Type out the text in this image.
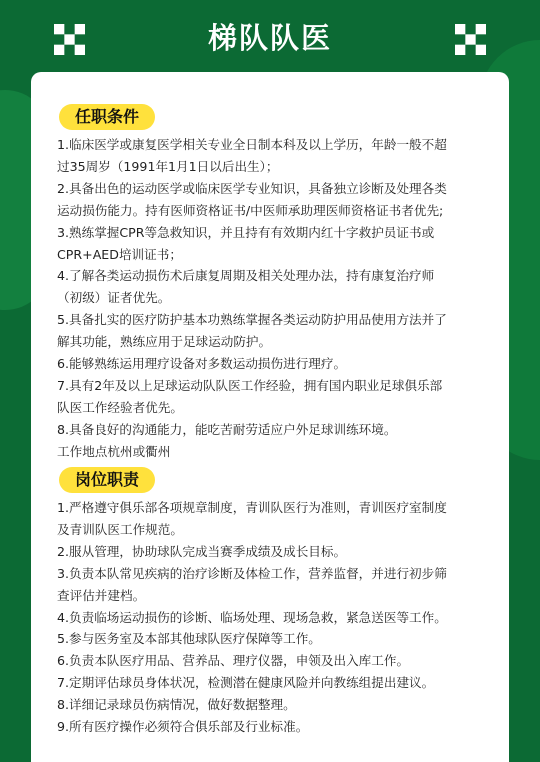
梯队队医
任职条件
1.临床医学或康复医学相关专业全日制本科及以上学历，年龄一般不超
过35周岁（1991年1月1日以后出生）；
2.具备出色的运动医学或临床医学专业知识，具备独立诊断及处理各类
运动损伤能力。持有医师资格证书/中医师承助理医师资格证书者优先;
3.熟练掌握CPR等急救知识，并且持有有效期内红十字救护员证书或
CPR+AED培训证书；
4.了解各类运动损伤术后康复周期及相关处理办法，持有康复治疗师
（初级）证者优先。
5.具备扎实的医疗防护基本功熟练掌握各类运动防护用品使用方法并了
解其功能，熟练应用于足球运动防护。
6.能够熟练运用理疗设备对多数运动损伤进行理疗。
7.具有2年及以上足球运动队队医工作经验，拥有国内职业足球俱乐部
队医工作经验者优先。
8.具备良好的沟通能力，能吃苦耐劳适应户外足球训练环境。
工作地点杭州或衢州
岗位职责
1.严格遵守俱乐部各项规章制度，青训队医行为准则，青训医疗室制度
及青训队医工作规范。
2.服从管理，协助球队完成当赛季成绩及成长目标。
3.负责本队常见疾病的治疗诊断及体检工作，营养监督，并进行初步筛
查评估并建档。
4.负责临场运动损伤的诊断、临场处理、现场急救，紧急送医等工作。
5.参与医务室及本部其他球队医疗保障等工作。
6.负责本队医疗用品、营养品、理疗仪器，申领及出入库工作。
7.定期评估球员身体状况，检测潜在健康风险并向教练组提出建议。
8.详细记录球员伤病情况，做好数据整理。
9.所有医疗操作必须符合俱乐部及行业标准。
